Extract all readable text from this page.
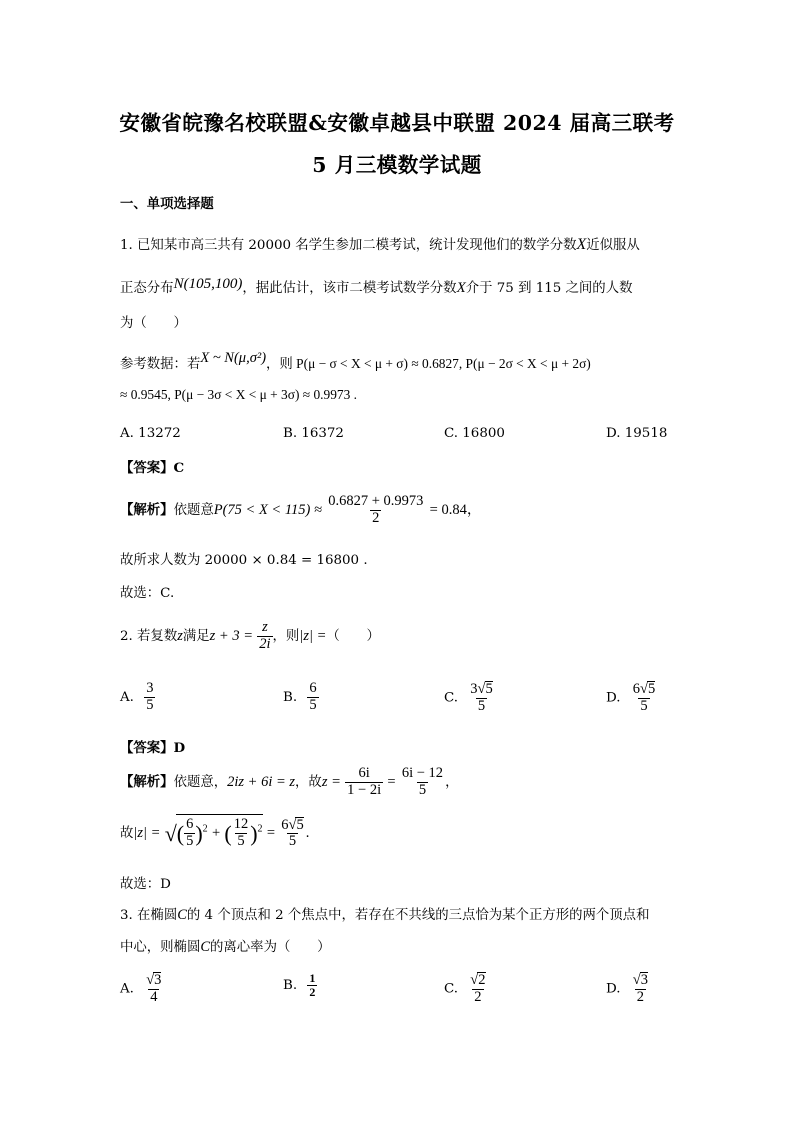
安徽省皖豫名校联盟&安徽卓越县中联盟 2024 届高三联考
5 月三模数学试题
一、单项选择题
1. 已知某市高三共有 20000 名学生参加二模考试，统计发现他们的数学分数X近似服从
正态分布N(105,100)，据此估计，该市二模考试数学分数X介于 75 到 115 之间的人数
为（　　）
参考数据：若X ~ N(μ,σ²)，则 P(μ − σ < X < μ + σ) ≈ 0.6827, P(μ − 2σ < X < μ + 2σ)
≈ 0.9545, P(μ − 3σ < X < μ + 3σ) ≈ 0.9973 .
A. 13272	B. 16372	C. 16800	D. 19518
【答案】C
【解析】依题意$P(75 < X < 115) \approx \frac{0.6827 + 0.9973}{2} = 0.84$，
故所求人数为 20000 × 0.84 = 16800 .
故选：C.
2. 若复数z满足$z + 3 = \frac{z}{2i}$ ，则|z| =（　　）
A. $\frac{3}{5}$	B. $\frac{6}{5}$	C. $\frac{3√5}{5}$	D. $\frac{6√5}{5}$
【答案】D
【解析】依题意，2iz + 6i = z，故$z = \frac{6i}{1 - 2i} = \frac{6i - 12}{5}$ ，
故|z| = √( $\frac{6}{5} )^2$ + ( $\frac{12}{5} )^2 = \frac{6√5}{5}$ .
故选：D
3. 在椭圆C的 4 个顶点和 2 个焦点中，若存在不共线的三点恰为某个正方形的两个顶点和
中心，则椭圆C的离心率为（　　）
A. $\frac{√3}{4}$	B. $\frac{1}{2}$	C. $\frac{√2}{2}$	D. $\frac{√3}{2}$
